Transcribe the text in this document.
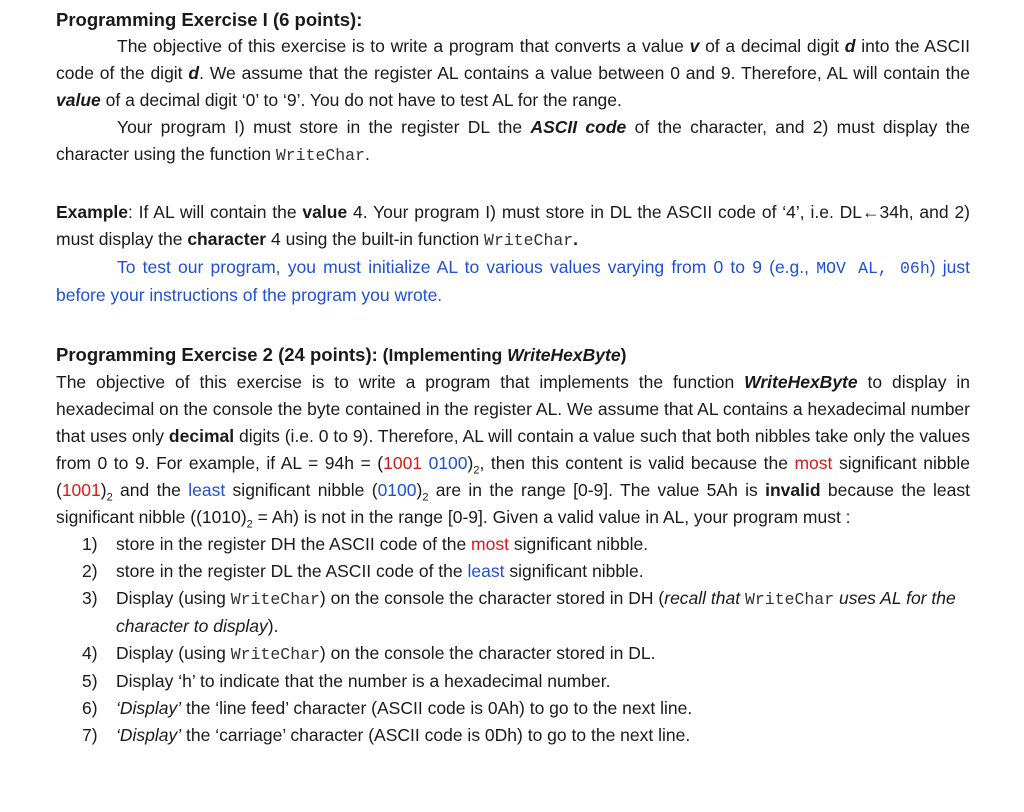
Programming Exercise I (6 points):

The objective of this exercise is to write a program that converts a value v of a decimal digit d into the ASCII code of the digit d. We assume that the register AL contains a value between 0 and 9. Therefore, AL will contain the value of a decimal digit ‘0’ to ‘9’. You do not have to test AL for the range.

Your program I) must store in the register DL the ASCII code of the character, and 2) must display the character using the function WriteChar.

Example: If AL will contain the value 4. Your program I) must store in DL the ASCII code of ‘4’, i.e. DL←34h, and 2) must display the character 4 using the built-in function WriteChar.

To test our program, you must initialize AL to various values varying from 0 to 9 (e.g., MOV AL, 06h) just before your instructions of the program you wrote.

Programming Exercise 2 (24 points): (Implementing WriteHexByte)

The objective of this exercise is to write a program that implements the function WriteHexByte to display in hexadecimal on the console the byte contained in the register AL. We assume that AL contains a hexadecimal number that uses only decimal digits (i.e. 0 to 9). Therefore, AL will contain a value such that both nibbles take only the values from 0 to 9. For example, if AL = 94h = (1001 $0100)_2$, then this content is valid because the most significant nibble $(1001)_2$ and the least significant nibble $(0100)_2$ are in the range [0-9]. The value 5Ah is invalid because the least significant nibble $((1010)_2 = Ah)$ is not in the range [0-9]. Given a valid value in AL, your program must :

1)	store in the register DH the ASCII code of the most significant nibble.
2)	store in the register DL the ASCII code of the least significant nibble.
3)	Display (using WriteChar) on the console the character stored in DH (recall that WriteChar uses AL for the character to display).
4)	Display (using WriteChar) on the console the character stored in DL.
5)	Display ‘h’ to indicate that the number is a hexadecimal number.
6)	‘Display’ the ‘line feed’ character (ASCII code is 0Ah) to go to the next line.
7)	‘Display’ the ‘carriage’ character (ASCII code is 0Dh) to go to the next line.
